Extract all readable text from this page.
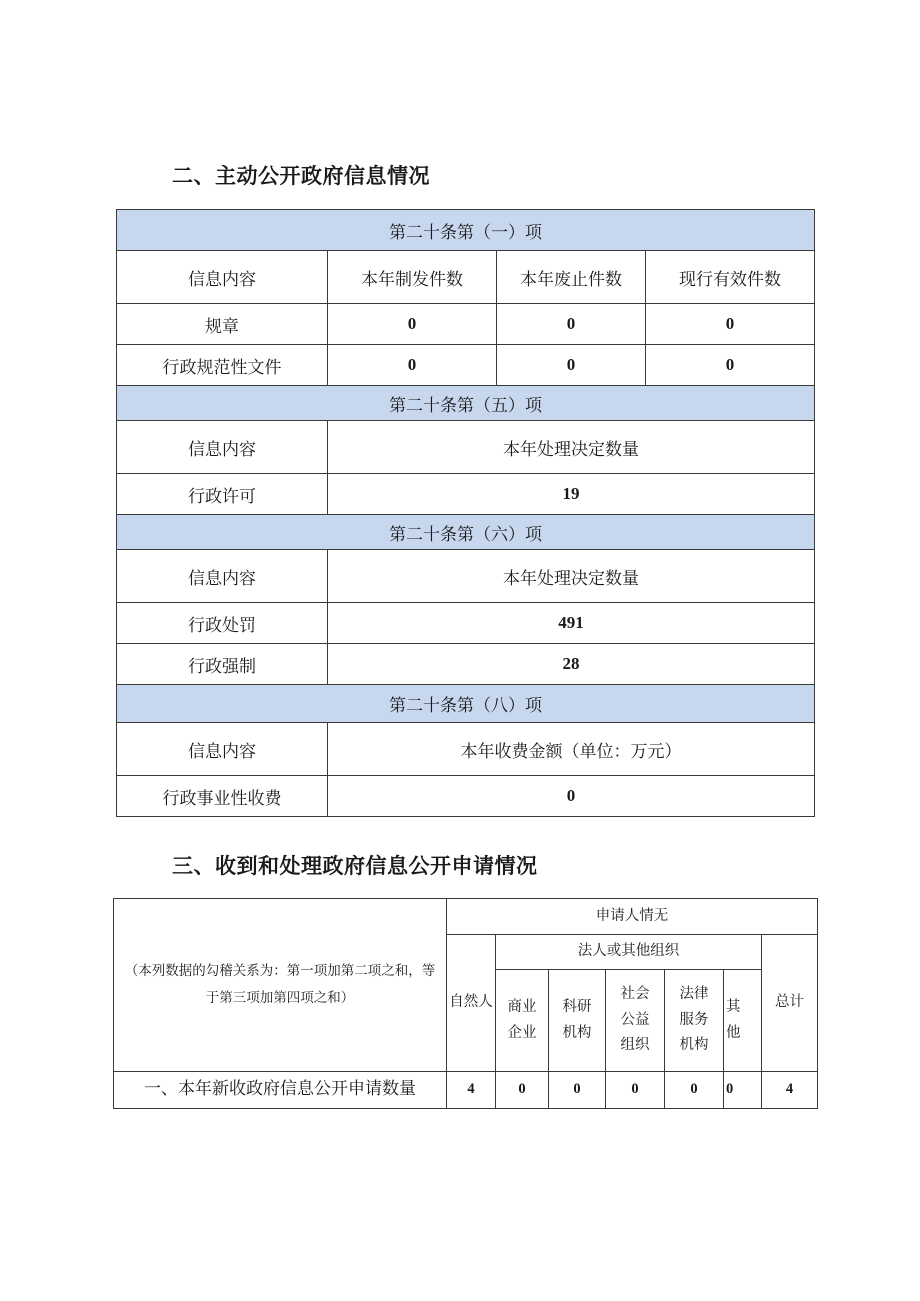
二、主动公开政府信息情况
第二十条第（一）项			
信息内容	本年制发件数	本年废止件数	现行有效件数
规章	0	0	0
行政规范性文件	0	0	0
第二十条第（五）项			
信息内容	本年处理决定数量		
行政许可	19		
第二十条第（六）项			
信息内容	本年处理决定数量		
行政处罚	491		
行政强制	28		
第二十条第（八）项			
信息内容	本年收费金额（单位：万元）		
行政事业性收费	0		
三、收到和处理政府信息公开申请情况
（本列数据的勾稽关系为：第一项加第二项之和，等于第三项加第四项之和）	申请人情无						
	自然人	法人或其他组织					总计
		商业企业	科研机构	社会公益组织	法律服务机构	其他	
一、本年新收政府信息公开申请数量	4	0	0	0	0	0	4
